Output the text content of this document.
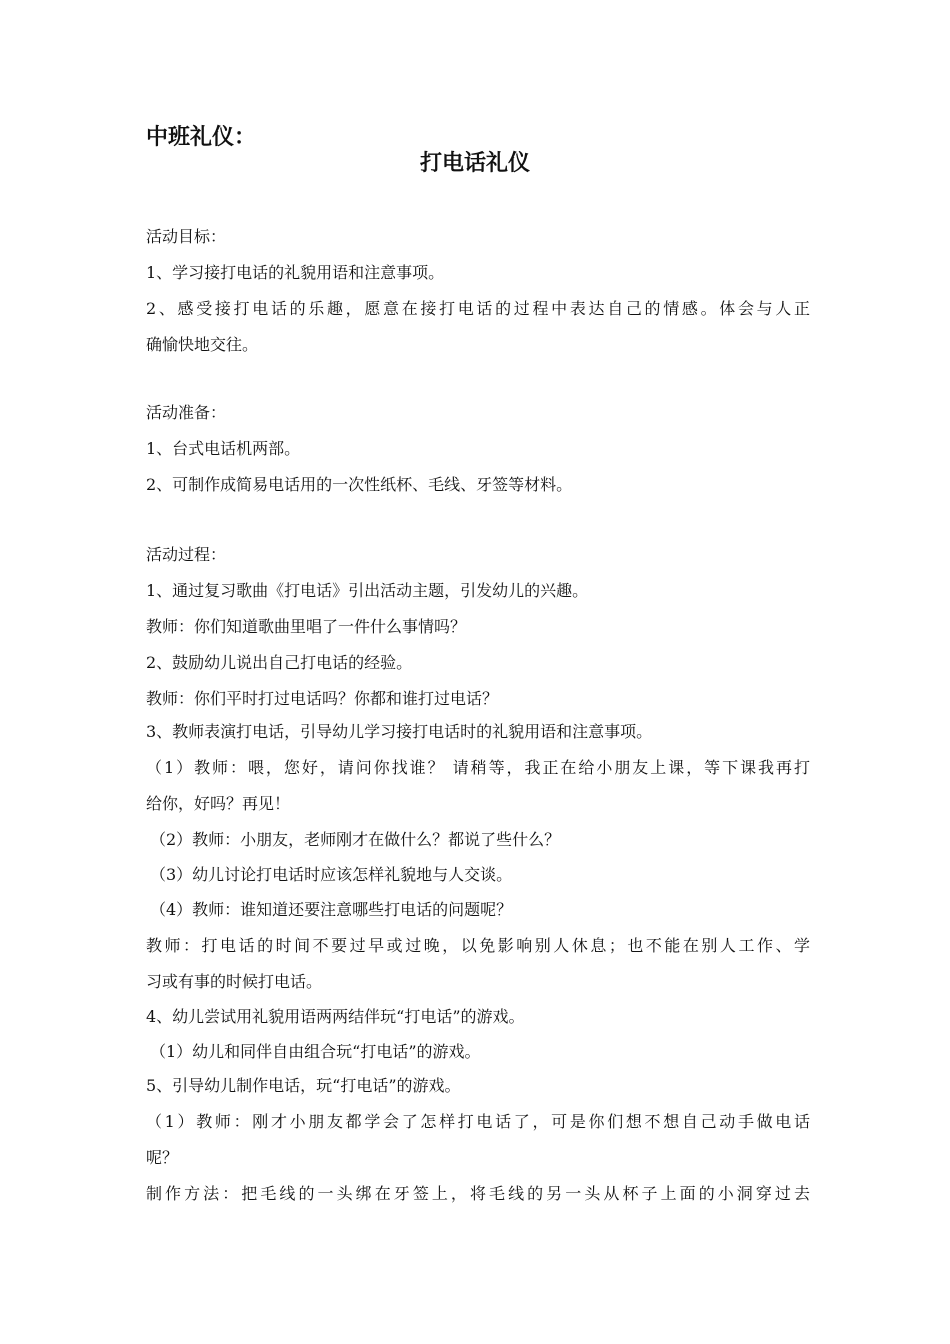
中班礼仪：
打电话礼仪
活动目标：
1、学习接打电话的礼貌用语和注意事项。
2、感受接打电话的乐趣，愿意在接打电话的过程中表达自己的情感。体会与人正
确愉快地交往。
活动准备：
1、台式电话机两部。
2、可制作成简易电话用的一次性纸杯、毛线、牙签等材料。
活动过程：
1、通过复习歌曲《打电话》引出活动主题，引发幼儿的兴趣。
教师：你们知道歌曲里唱了一件什么事情吗？
2、鼓励幼儿说出自己打电话的经验。
教师：你们平时打过电话吗？你都和谁打过电话？
3、教师表演打电话，引导幼儿学习接打电话时的礼貌用语和注意事项。
（1）教师：喂，您好，请问你找谁？ 请稍等，我正在给小朋友上课，等下课我再打
给你，好吗？再见！
（2）教师：小朋友，老师刚才在做什么？都说了些什么？
（3）幼儿讨论打电话时应该怎样礼貌地与人交谈。
（4）教师：谁知道还要注意哪些打电话的问题呢？
教师：打电话的时间不要过早或过晚，以免影响别人休息；也不能在别人工作、学
习或有事的时候打电话。
4、幼儿尝试用礼貌用语两两结伴玩“打电话”的游戏。
（1）幼儿和同伴自由组合玩“打电话”的游戏。
5、引导幼儿制作电话，玩“打电话”的游戏。
（1）教师：刚才小朋友都学会了怎样打电话了，可是你们想不想自己动手做电话
呢？
制作方法：把毛线的一头绑在牙签上，将毛线的另一头从杯子上面的小洞穿过去
